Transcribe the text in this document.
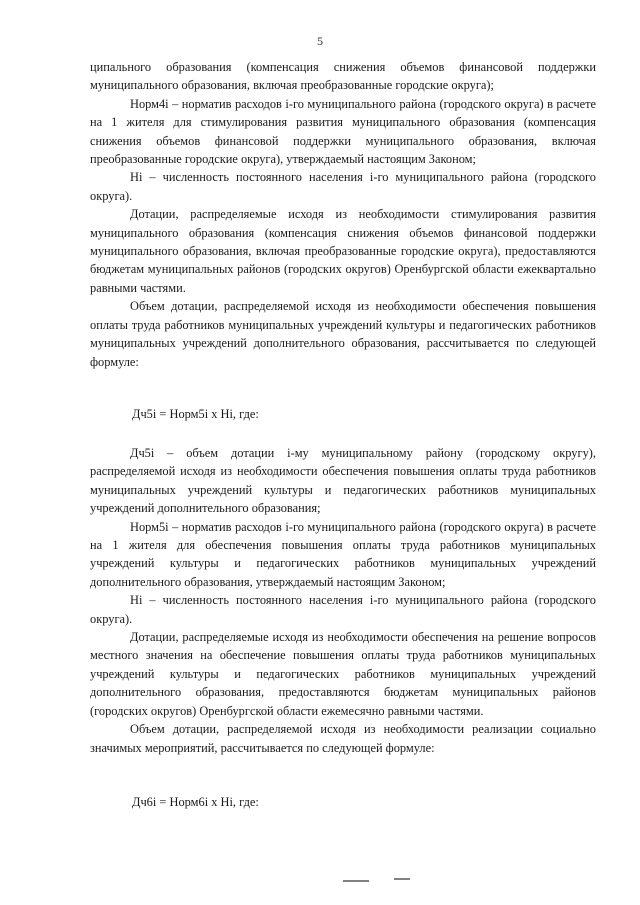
5

ципального образования (компенсация снижения объемов финансовой поддержки муниципального образования, включая преобразованные городские округа);

Норм4i – норматив расходов i-го муниципального района (городского округа) в расчете на 1 жителя для стимулирования развития муниципального образования (компенсация снижения объемов финансовой поддержки муниципального образования, включая преобразованные городские округа), утверждаемый настоящим Законом;

Hi – численность постоянного населения i-го муниципального района (городского округа).

Дотации, распределяемые исходя из необходимости стимулирования развития муниципального образования (компенсация снижения объемов финансовой поддержки муниципального образования, включая преобразованные городские округа), предоставляются бюджетам муниципальных районов (городских округов) Оренбургской области ежеквартально равными частями.

Объем дотации, распределяемой исходя из необходимости обеспечения повышения оплаты труда работников муниципальных учреждений культуры и педагогических работников муниципальных учреждений дополнительного образования, рассчитывается по следующей формуле:

Дч5i = Норм5i x Hi, где:

Дч5i – объем дотации i-му муниципальному району (городскому округу), распределяемой исходя из необходимости обеспечения повышения оплаты труда работников муниципальных учреждений культуры и педагогических работников муниципальных учреждений дополнительного образования;

Норм5i – норматив расходов i-го муниципального района (городского округа) в расчете на 1 жителя для обеспечения повышения оплаты труда работников муниципальных учреждений культуры и педагогических работников муниципальных учреждений дополнительного образования, утверждаемый настоящим Законом;

Hi – численность постоянного населения i-го муниципального района (городского округа).

Дотации, распределяемые исходя из необходимости обеспечения на решение вопросов местного значения на обеспечение повышения оплаты труда работников муниципальных учреждений культуры и педагогических работников муниципальных учреждений дополнительного образования, предоставляются бюджетам муниципальных районов (городских округов) Оренбургской области ежемесячно равными частями.

Объем дотации, распределяемой исходя из необходимости реализации социально значимых мероприятий, рассчитывается по следующей формуле:

Дч6i = Норм6i x Hi, где:
